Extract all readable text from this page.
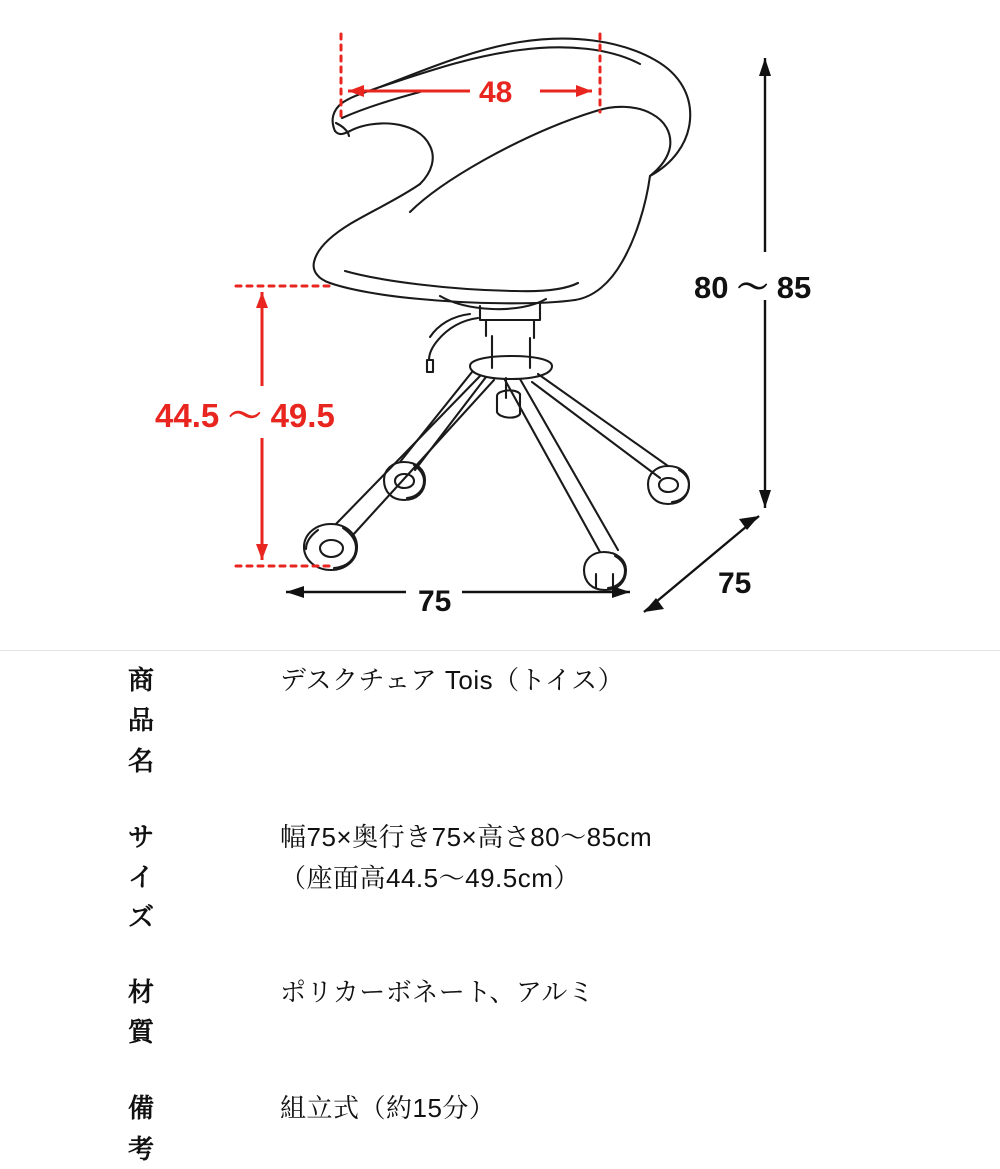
48
44.5 〜 49.5
80 〜 85
75
75
商品名
デスクチェア Tois（トイス）
サイズ
幅75×奥行き75×高さ80〜85cm
（座面高44.5〜49.5cm）
材質
ポリカーボネート、アルミ
備考
組立式（約15分）
